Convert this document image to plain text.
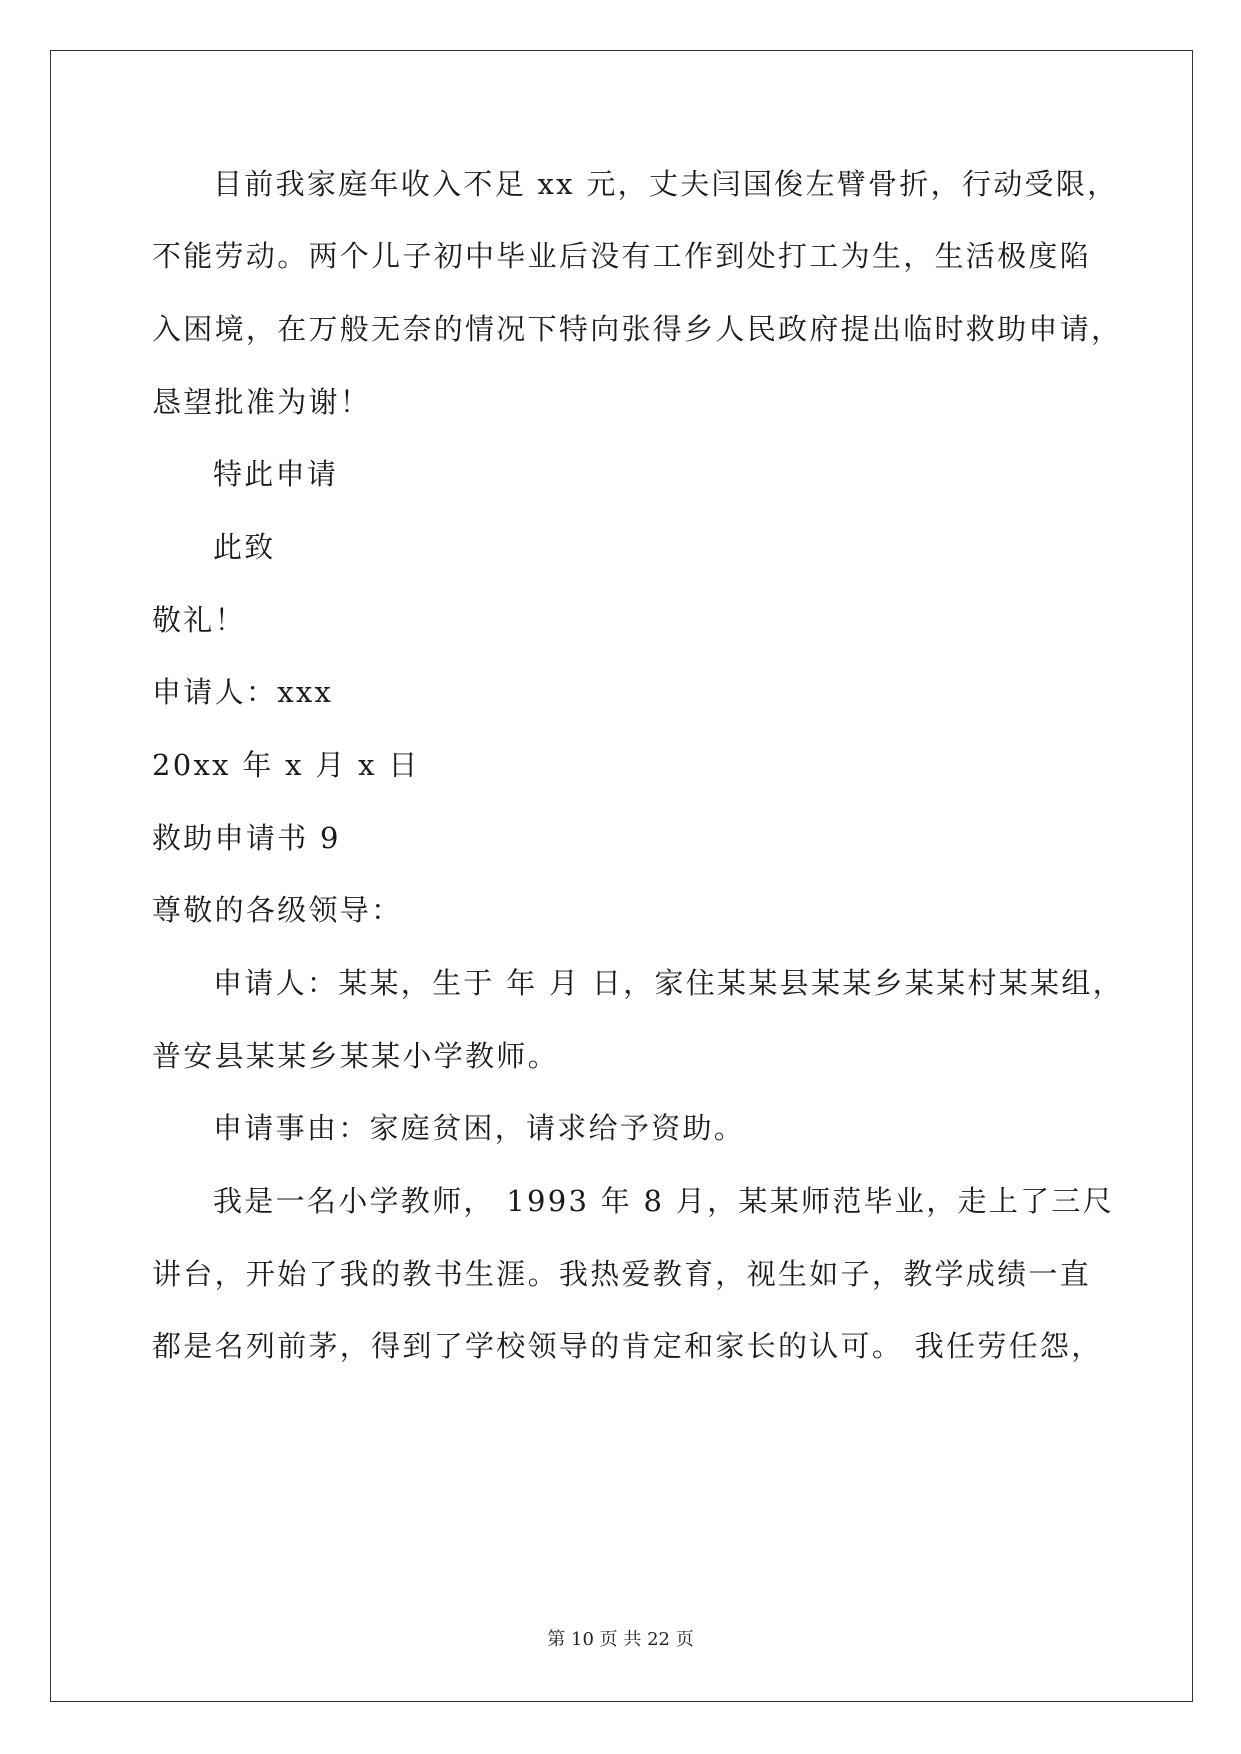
目前我家庭年收入不足 xx 元，丈夫闫国俊左臂骨折，行动受限，
不能劳动。两个儿子初中毕业后没有工作到处打工为生，生活极度陷
入困境，在万般无奈的情况下特向张得乡人民政府提出临时救助申请，
恳望批准为谢！
特此申请
此致
敬礼！
申请人：xxx
20xx 年 x 月 x 日
救助申请书 9
尊敬的各级领导：
申请人：某某，生于 年 月 日，家住某某县某某乡某某村某某组，
普安县某某乡某某小学教师。
申请事由：家庭贫困，请求给予资助。
我是一名小学教师， 1993 年 8 月，某某师范毕业，走上了三尺
讲台，开始了我的教书生涯。我热爱教育，视生如子，教学成绩一直
都是名列前茅，得到了学校领导的肯定和家长的认可。 我任劳任怨，
第 10 页 共 22 页
